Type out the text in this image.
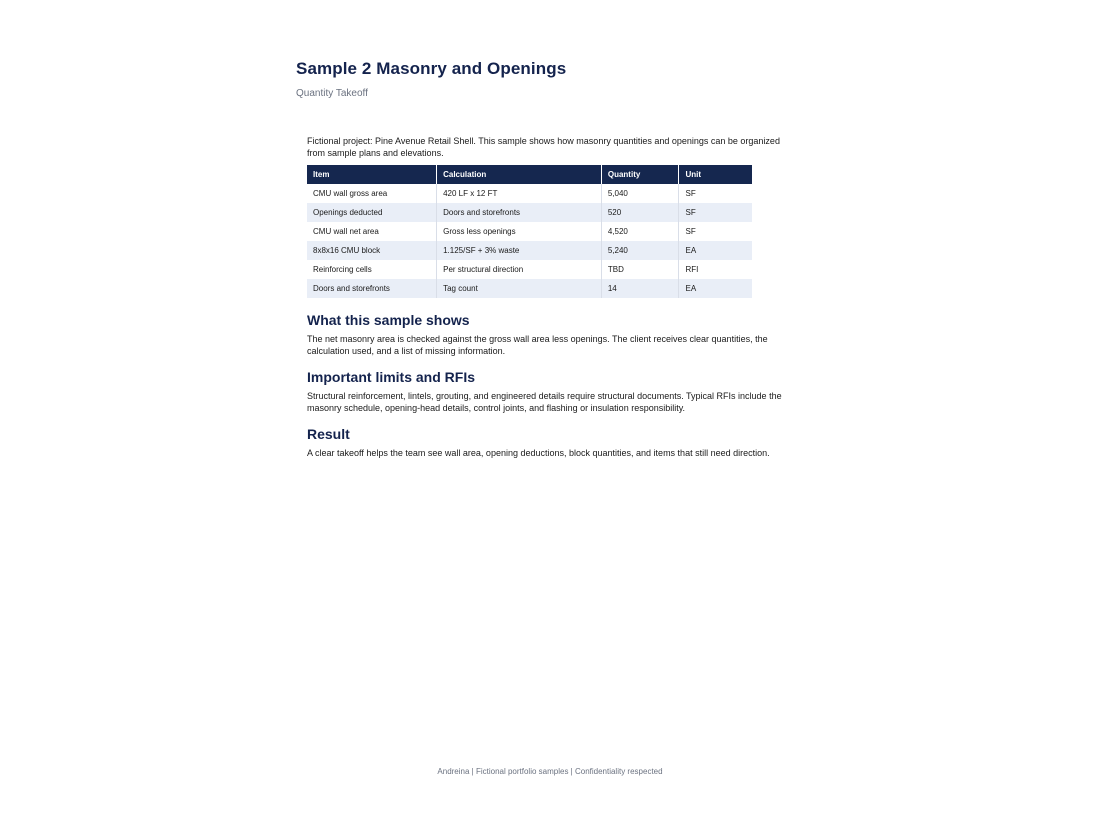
Sample 2 Masonry and Openings

Quantity Takeoff

Fictional project: Pine Avenue Retail Shell. This sample shows how masonry quantities and openings can be organized from sample plans and elevations.

Item	Calculation	Quantity	Unit
CMU wall gross area	420 LF x 12 FT	5,040	SF
Openings deducted	Doors and storefronts	520	SF
CMU wall net area	Gross less openings	4,520	SF
8x8x16 CMU block	1.125/SF + 3% waste	5,240	EA
Reinforcing cells	Per structural direction	TBD	RFI
Doors and storefronts	Tag count	14	EA
What this sample shows

The net masonry area is checked against the gross wall area less openings. The client receives clear quantities, the calculation used, and a list of missing information.

Important limits and RFIs

Structural reinforcement, lintels, grouting, and engineered details require structural documents. Typical RFIs include the masonry schedule, opening-head details, control joints, and flashing or insulation responsibility.

Result

A clear takeoff helps the team see wall area, opening deductions, block quantities, and items that still need direction.

Andreina | Fictional portfolio samples | Confidentiality respected
